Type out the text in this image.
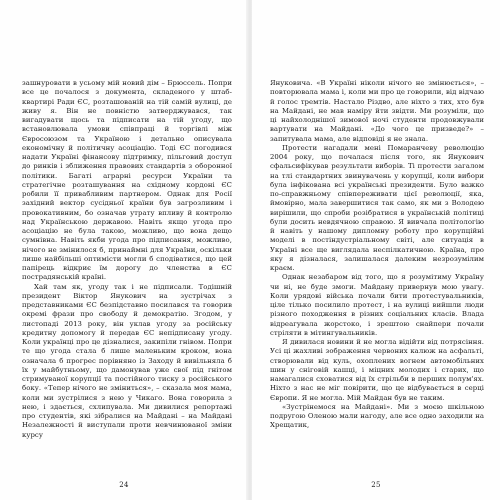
зашнуровати в усьому мій новий дім – Брюссель. Попри все це почалося з документа, складеного у штаб-квартирі Ради ЄС, розташованій на тій самій вулиці, де живу я. Він не повністю затверджувався, так вигадувати щось та підписати на тій угоду, що встановлювала умови співпраці й торгівлі між Євросоюзом та Україною і детально описувала економічну й політичну асоціацію. Тоді ЄС погодився надати Україні фінансову підтримку, пільговий доступ до ринків і зближення правових стандартів з оборонної політики. Багаті аграрні ресурси України та стратегічне розташування на східному кордоні ЄС робили її привабливим партнером. Однак для Росії західний вектор сусідньої країни був загрозливим і провокативним, бо означав утрату впливу й контролю над Українською державою. Навіть якщо угода про асоціацію не була такою, можливо, що вона дещо сумнівна. Навіть якби угода про підписання, можливо, нічого не змінилося б, принаймні для України, оскільки лише найбільші оптимісти могли б сподіватися, що цей папірець відкриє їм дорогу до членства в ЄС пострадянській країні.

Хай там як, угоду так і не підписали. Тодішній президент Віктор Янукович на зустрічах з представниками ЄС безпідставно посилався та говорив окремі фрази про свободу й демократію. Згодом, у листопаді 2013 року, він уклав угоду за російську кредитну допомогу й передав ЄС непідписану угоду. Коли українці про це дізналися, закипіли гнівом. Попри те що угода стала б лише маленьким кроком, вона означала б прогрес порівняно із Заходу й вивільняла б їх у майбутньому, що дамонував уже свої під гнітом стримуваної корупції та постійного тиску з російського боку. «Тепер нічого не зміниться», – сказала моя мама, коли ми зустрілися з нею у Чикаго. Вона говорила з нею, і здається, схлипувала. Ми дивилися репортажі про студентів, які зібралися на Майдані – на Майдані Незалежності й виступали проти невчинюваної зміни курсу

24

Януковича. «В Україні ніколи нічого не змінюється», – повторювала мама і, коли ми про це говорили, від відчаю й голос тремтів. Настало Різдво, але ніхто з тих, хто був на Майдані, не мав наміру йти звідти. Ми розуміли, що ці найхолоднішої зимової ночі студенти продовжували вартувати на Майдані. «До чого це призведе?» – запитувала мама, але відповіді я не знала.

Протести нагадали мені Помаранчеву революцію 2004 року, що почалася після того, як Янукович сфальсифікував результати виборів. Ті протести загалом на тлі стандартних звинувачень у корупції, коли вибори була інфікована всі українські президенти. Було важко по-справжньому співпереживати цієї революції, яка, ймовірно, мала завершитися так само, як ми з Володею вирішили, що спроби розібратися в українській політиці були досить невдячною справою. Я вивчала політологію й навіть у нашому дипломну роботу про корупційні моделі в постіндустріальному світі, але ситуація в Україні все ще виглядала неспілкатичною. Країна, про яку я дізналася, залишалася далеким незрозумілим краєм.

Однак незабаром від того, що я розумітиму Україну чи ні, не буде змоги. Майдану привернув мою увагу. Коли урядові війська почали бити протестувальників, ціле тілько посилило протест, і на вулиці вийшли люди різного походження в різних соціальних класів. Влада відреагувала жорстоко, і зрештою снайпери почали стріляти в мітингувальників.

Я дивилася новини й не могла відійти від потрясіння. Усі ці жахливі зображення червоних калюж на асфальті, створювали від куль, охоплених вогнем автомобільних шин у сніговій кашці, і міцних молодих і старих, що намагалися сховатися від їх стрільби в перших полум'ях. Ніхто з нас не міг повірити, що це відбувається в серці Європи. Я не могла. Мій Майдан був не таким.

«Зустрінемося на Майдані». Ми з моєю шкільною подругою Оленою мали нагоду, але все одно заходили на Хрещатик,

25
